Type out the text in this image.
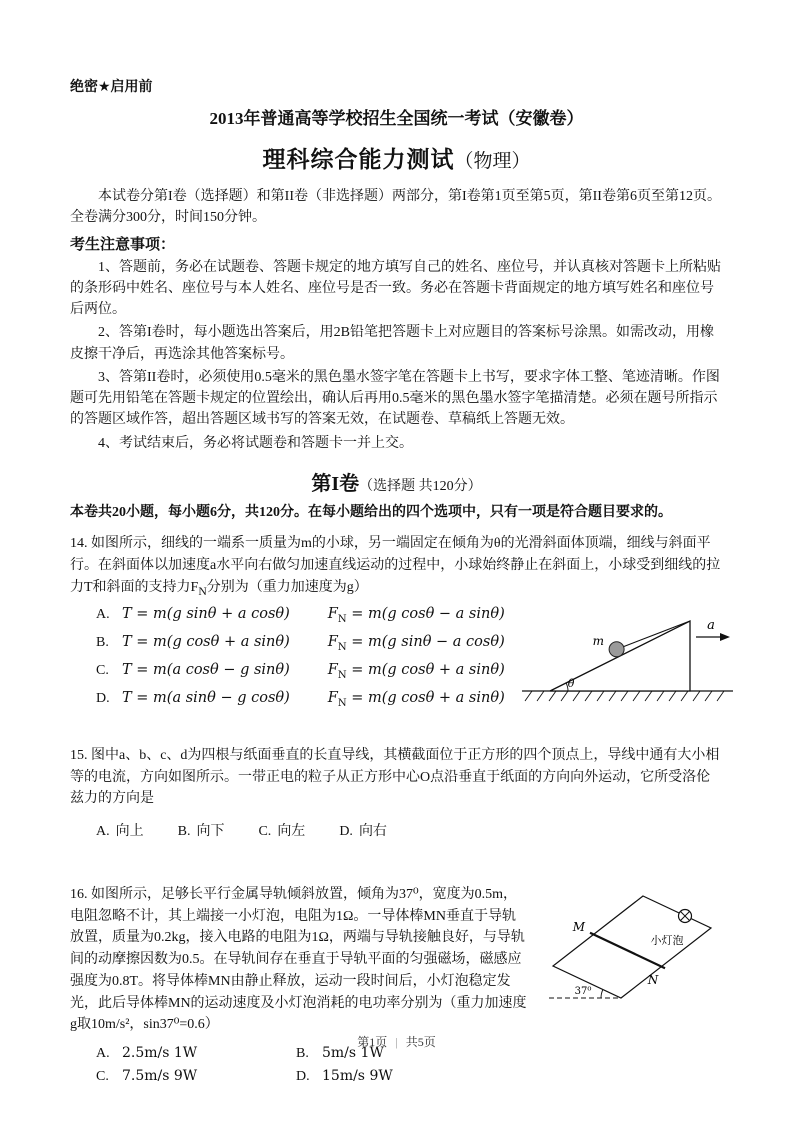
绝密★启用前
2013年普通高等学校招生全国统一考试（安徽卷）
理科综合能力测试（物理）

本试卷分第I卷（选择题）和第II卷（非选择题）两部分，第I卷第1页至第5页，第II卷第6页至第12页。全卷满分300分，时间150分钟。

考生注意事项：

1、答题前，务必在试题卷、答题卡规定的地方填写自己的姓名、座位号，并认真核对答题卡上所粘贴的条形码中姓名、座位号与本人姓名、座位号是否一致。务必在答题卡背面规定的地方填写姓名和座位号后两位。

2、答第I卷时，每小题选出答案后，用2B铅笔把答题卡上对应题目的答案标号涂黑。如需改动，用橡皮擦干净后，再选涂其他答案标号。

3、答第II卷时，必须使用0.5毫米的黑色墨水签字笔在答题卡上书写，要求字体工整、笔迹清晰。作图题可先用铅笔在答题卡规定的位置绘出，确认后再用0.5毫米的黑色墨水签字笔描清楚。必须在题号所指示的答题区域作答，超出答题区域书写的答案无效，在试题卷、草稿纸上答题无效。

4、考试结束后，务必将试题卷和答题卡一并上交。

第I卷（选择题 共120分）

本卷共20小题，每小题6分，共120分。在每小题给出的四个选项中，只有一项是符合题目要求的。

14. 如图所示，细线的一端系一质量为m的小球，另一端固定在倾角为θ的光滑斜面体顶端，细线与斜面平行。在斜面体以加速度a水平向右做匀加速直线运动的过程中，小球始终静止在斜面上，小球受到细线的拉力T和斜面的支持力$F_N$分别为（重力加速度为g）

A. T = m(g sinθ + a cosθ)	$F_N = m(g$ cosθ − a sinθ)
B. T = m(g cosθ + a sinθ)	$F_N = m(g$ sinθ − a cosθ)
C. T = m(a cosθ − g sinθ)	$F_N = m(g$ cosθ + a sinθ)
D. T = m(a sinθ − g cosθ)	$F_N = m(g$ cosθ + a sinθ)
m
θ
a

15. 图中a、b、c、d为四根与纸面垂直的长直导线，其横截面位于正方形的四个顶点上，导线中通有大小相等的电流，方向如图所示。一带正电的粒子从正方形中心O点沿垂直于纸面的方向向外运动，它所受洛伦兹力的方向是

A. 向上 B. 向下 C. 向左 D. 向右
小灯泡
M
N
37⁰

16. 如图所示，足够长平行金属导轨倾斜放置，倾角为37⁰，宽度为0.5m，电阻忽略不计，其上端接一小灯泡，电阻为1Ω。一导体棒MN垂直于导轨放置，质量为0.2kg，接入电路的电阻为1Ω，两端与导轨接触良好，与导轨间的动摩擦因数为0.5。在导轨间存在垂直于导轨平面的匀强磁场，磁感应强度为0.8T。将导体棒MN由静止释放，运动一段时间后，小灯泡稳定发光，此后导体棒MN的运动速度及小灯泡消耗的电功率分别为（重力加速度g取10m/s²，sin37⁰=0.6）

A. 2.5m/s 1W	B. 5m/s 1W
C. 7.5m/s 9W	D. 15m/s 9W
第1页 | 共5页
